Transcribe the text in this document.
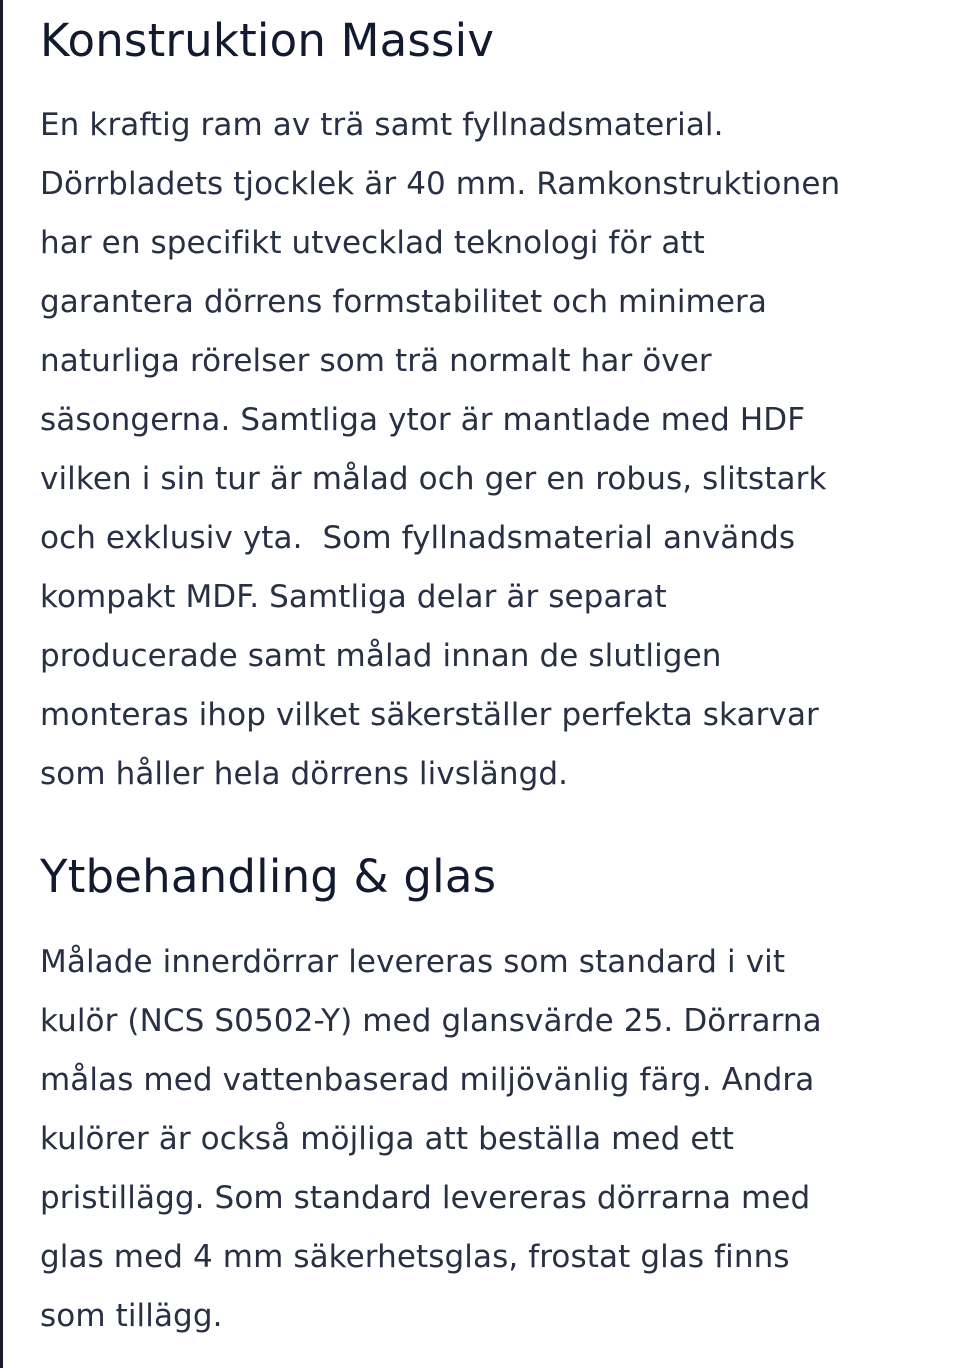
Konstruktion Massiv

En kraftig ram av trä samt fyllnadsmaterial.
Dörrbladets tjocklek är 40 mm. Ramkonstruktionen
har en specifikt utvecklad teknologi för att
garantera dörrens formstabilitet och minimera
naturliga rörelser som trä normalt har över
säsongerna. Samtliga ytor är mantlade med HDF
vilken i sin tur är målad och ger en robus, slitstark
och exklusiv yta.  Som fyllnadsmaterial används
kompakt MDF. Samtliga delar är separat
producerade samt målad innan de slutligen
monteras ihop vilket säkerställer perfekta skarvar
som håller hela dörrens livslängd.

Ytbehandling & glas

Målade innerdörrar levereras som standard i vit
kulör (NCS S0502-Y) med glansvärde 25. Dörrarna
målas med vattenbaserad miljövänlig färg. Andra
kulörer är också möjliga att beställa med ett
pristillägg. Som standard levereras dörrarna med
glas med 4 mm säkerhetsglas, frostat glas finns
som tillägg.
